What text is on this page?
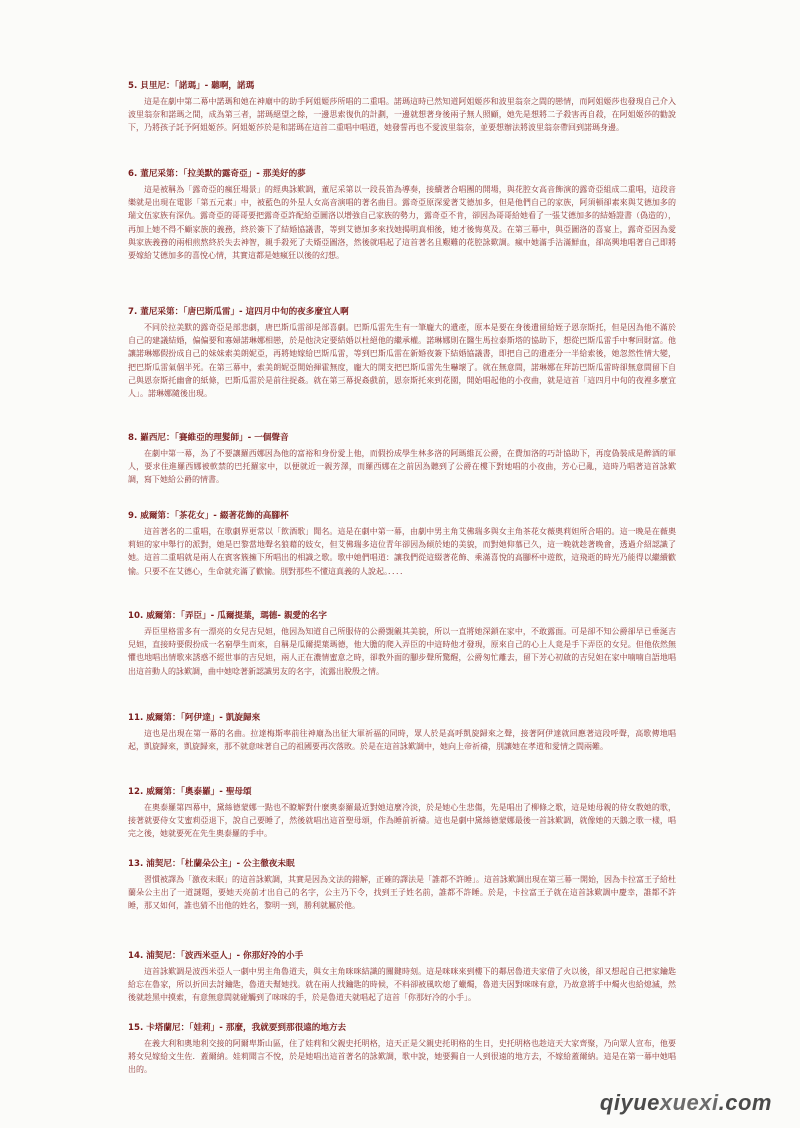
5. 貝里尼：「諾瑪」- 聽啊，諾瑪

這是在劇中第二幕中諾瑪和她在神廟中的助手阿姐姬莎所唱的二重唱。諾瑪這時已然知道阿姐姬莎和波里翁奈之間的戀情，而阿姐姬莎也發現自己介入波里翁奈和諾瑪之間，成為第三者，諾瑪絕望之餘，一邊思索復仇的計劃，一邊就想著身後兩子無人照顧，她先是想將二子殺害再自殺，在阿姐姬莎的勸說下，乃將孩子託予阿姐姬莎。阿姐姬莎於是和諾瑪在這首二重唱中唱道，她發誓再也不愛波里翁奈，並要想辦法將波里翁奈帶回到諾瑪身邊。

6. 董尼采第：「拉美默的露奇亞」- 那美好的夢

這是被稱為「露奇亞的瘋狂場景」的經典詠歎調，董尼采第以一段長笛為導奏，接續著合唱團的開場，與花腔女高音飾演的露奇亞組成二重唱，這段音樂就是出現在電影「第五元素」中，被藍色的外星人女高音演唱的著名曲目。露奇亞原深愛著艾德加多，但是他們自己的家族，阿須頓卻素來與艾德加多的瑞文伍家族有深仇。露奇亞的哥哥要把露奇亞許配給亞圖洛以增強自己家族的勢力，露奇亞不肯，卻因為哥哥給她看了一張艾德加多的結婚證書（偽造的），再加上她不得不顧家族的義務，終於簽下了結婚協議書，等到艾德加多來找她揭明真相後，她才後悔莫及。在第三幕中，與亞圖洛的喜宴上，露奇亞因為愛與家族義務的兩相煎熬終於失去神智，親手殺死了夫婿亞圖洛，然後就唱起了這首著名且艱難的花腔詠歎調。瘋中她滿手沾滿鮮血，卻高興地唱著自己即將要嫁給艾德加多的喜悅心情，其實這都是她瘋狂以後的幻想。

7. 董尼采第：「唐巴斯瓜雷」- 這四月中旬的夜多麼宜人啊

不同於拉美默的露奇亞是部悲劇，唐巴斯瓜雷卻是部喜劇。巴斯瓜雷先生有一筆龐大的遺產，原本是要在身後遺留給姪子恩奈斯托，但是因為他不滿於自己的建議結婚，偏偏要和寡婦諾琳娜相戀，於是他決定要結婚以杜絕他的繼承權。諾琳娜則在醫生馬拉泰斯塔的協助下，想從巴斯瓜雷手中奪回財富。他讓諾琳娜假扮成自己的妹妹索美朗妮亞，再將她嫁給巴斯瓜雷，等到巴斯瓜雷在新婚夜簽下結婚協議書，即把自己的遺產分一半給索後，她忽然性情大變，把巴斯瓜雷氣個半死。在第三幕中，索美朗妮亞開始揮霍無度，龐大的開支把巴斯瓜雷先生嚇壞了。就在無意間，諾琳娜在拜訪巴斯瓜雷時卻無意間留下自己與恩奈斯托幽會的紙條，巴斯瓜雷於是前往捉姦。就在第三幕捉姦戲前，恩奈斯托來到花園，開始唱起他的小夜曲，就是這首「這四月中旬的夜裡多麼宜人」。諾琳娜隨後出現。

8. 羅西尼：「賽維亞的理髮師」- 一個聲音

在劇中第一幕，為了不要讓羅西娜因為他的富裕和身份愛上他，而假扮成學生林多洛的阿瑪維瓦公爵，在費加洛的巧計協助下，再度偽裝成是醉酒的軍人，要求住進羅西娜被軟禁的巴托羅家中，以便就近一親芳澤，而羅西娜在之前因為聽到了公爵在樓下對她唱的小夜曲，芳心已亂，這時乃唱著這首詠歎調，寫下她給公爵的情書。

9. 威爾第：「茶花女」- 綴著花飾的高腳杯

這首著名的二重唱，在歌劇界更常以「飲酒歌」聞名。這是在劇中第一幕，由劇中男主角艾佛瑞多與女主角茶花女薇奧莉妲所合唱的。這一晚是在薇奧莉妲的家中舉行的派對，她是巴黎當地聲名狼藉的妓女，但艾佛瑞多這位青年卻因為傾於她的美貌，而對她仰慕已久，這一晚就趁著晚會，透過介紹認識了她。這首二重唱就是兩人在賓客簇擁下所唱出的相識之歌。歌中她們唱道：讓我們從這綴著花飾、乘滿喜悅的高腳杯中遊飲，這飛逝的時光乃能得以繼續歡愉。只要不在艾德心，生命就充滿了歡愉。別對那些不懂這真義的人說起。．．．．

10. 威爾第：「弄臣」- 瓜爾提葉，瑪德- 親愛的名字

弄臣里格雷多有一漂亮的女兒吉兒妲，他因為知道自己所服侍的公爵覬覦其美貌，所以一直將她深鎖在家中，不敢露面。可是卻不知公爵卻早已垂涎吉兒妲，直接時要假扮成一名窮學生而來，自稱是瓜爾提葉瑪德，他大膽的爬入弄臣的中這時他才發現，原來自己的心上人竟是手下弄臣的女兒。但他依然無懼也地唱出情歌來誘惑不經世事的吉兒妲，兩人正在濃情蜜意之時，卻教外面的腳步聲所驚醒，公爵匆忙離去，留下芳心初啟的吉兒妲在家中喃喃自語地唱出這首動人的詠歎調，曲中她唸著新認識男友的名字，流露出脫殷之情。

11. 威爾第：「阿伊達」- 凱旋歸來

這也是出現在第一幕的名曲。拉達梅斯率前往神廟為出征大軍祈福的同時，眾人於是高呼凱旋歸來之聲，接著阿伊達就回應著這段呼聲，高歌傳地唱起，凱旋歸來，凱旋歸來，那不就意味著自己的祖國要再次落敗。於是在這首詠歎調中，她向上帝祈禱，別讓她在孝道和愛情之間兩難。

12. 威爾第：「奧泰羅」- 聖母頌

在奧泰羅第四幕中，黛絲德蒙娜一點也不瞭解對什麼奧泰羅最近對她這麼冷淡，於是她心生悲傷，先是唱出了柳條之歌，這是她母親的侍女教她的歌，接著就要侍女艾蜜莉亞退下，說自己要睡了，然後就唱出這首聖母頌，作為睡前祈禱。這也是劇中黛絲德蒙娜最後一首詠歎調，就像她的天鵝之歌一樣，唱完之後，她就要死在先生奧泰羅的手中。

13. 浦契尼：「杜蘭朵公主」- 公主徹夜未眠

習慣被譯為「激夜未眠」的這首詠歎調，其實是因為文法的錯解，正確的譯法是「誰都不許睡」。這首詠歎調出現在第三幕一開始，因為卡拉富王子給杜蘭朵公主出了一道謎題，要她天亮前才出自己的名字，公主乃下令，找到王子姓名前，誰都不許睡。於是，卡拉富王子就在這首詠歎調中慶幸，誰都不許睡，那又如何，誰也猜不出他的姓名，黎明一到，勝利就屬於他。

14. 浦契尼：「波西米亞人」- 你那好冷的小手

這首詠歎調是波西米亞人一劇中男主角魯道夫，與女主角咪咪結識的關鍵時刻。這是咪咪來到樓下的鄰居魯道夫家借了火以後，卻又想起自己把家鑰匙給忘在魯家，所以折回去討鑰匙，魯道夫幫她找。就在兩人找鑰匙的時候，不料卻被風吹熄了蠟燭，魯道夫因對咪咪有意，乃故意將手中燭火也給熄滅，然後就趁黑中摸索，有意無意間就碰觸到了咪咪的手，於是魯道夫就唱起了這首「你那好冷的小手」。

15. 卡塔蘭尼：「娃莉」- 那麼，我就要到那很遠的地方去

在義大利和奧地利交接的阿爾卑斯山區，住了娃莉和父親史托明格，這天正是父親史托明格的生日，史托明格也趁這天大家齊聚，乃向眾人宣布，他要將女兒嫁給文生佐．蓋爾納。娃莉聞言不悅，於是她唱出這首著名的詠歎調，歌中說，她要獨自一人到很遠的地方去，不嫁給蓋爾納。這是在第一幕中她唱出的。

qiyuexuexi.com
